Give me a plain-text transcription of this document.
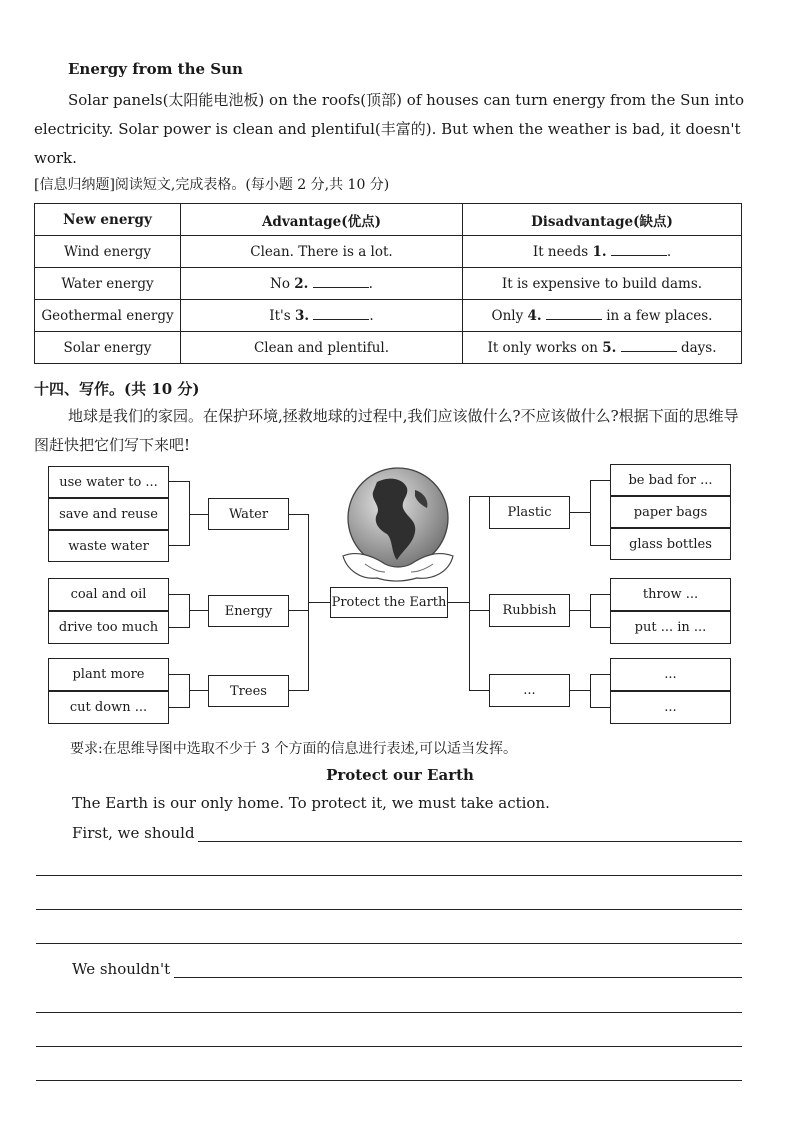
Energy from the Sun

Solar panels(太阳能电池板) on the roofs(顶部) of houses can turn energy from the Sun into electricity. Solar power is clean and plentiful(丰富的). But when the weather is bad, it doesn't work.

[信息归纳题]阅读短文,完成表格。(每小题 2 分,共 10 分)
New energy	Advantage(优点)	Disadvantage(缺点)
Wind energy	Clean. There is a lot.	It needs 1. .
Water energy	No 2. .	It is expensive to build dams.
Geothermal energy	It's 3. .	Only 4. in a few places.
Solar energy	Clean and plentiful.	It only works on 5. days.
十四、写作。(共 10 分)

地球是我们的家园。在保护环境,拯救地球的过程中,我们应该做什么?不应该做什么?根据下面的思维导图赶快把它们写下来吧!

use water to ...
save and reuse
waste water
coal and oil
drive too much
plant more
cut down ...
Water
Energy
Trees
Protect the Earth
Plastic
Rubbish
...
be bad for ...
paper bags
glass bottles
throw ...
put ... in ...
...
...
要求:在思维导图中选取不少于 3 个方面的信息进行表述,可以适当发挥。
Protect our Earth
The Earth is our only home. To protect it, we must take action.
First, we should
We shouldn't
